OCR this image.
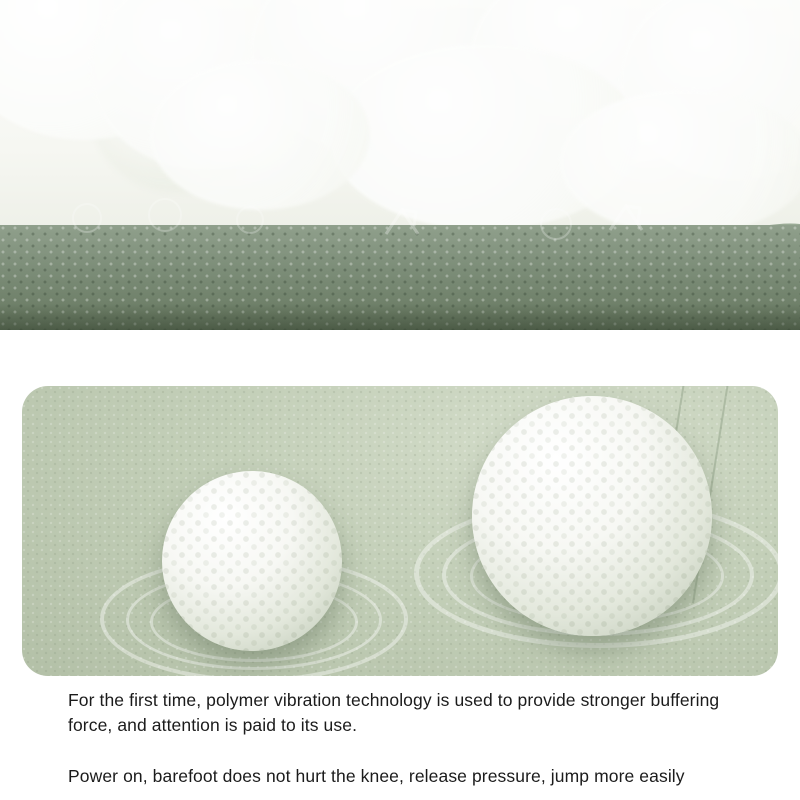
For the first time, polymer vibration technology is used to provide stronger buffering force, and attention is paid to its use.

Power on, barefoot does not hurt the knee, release pressure, jump more easily
